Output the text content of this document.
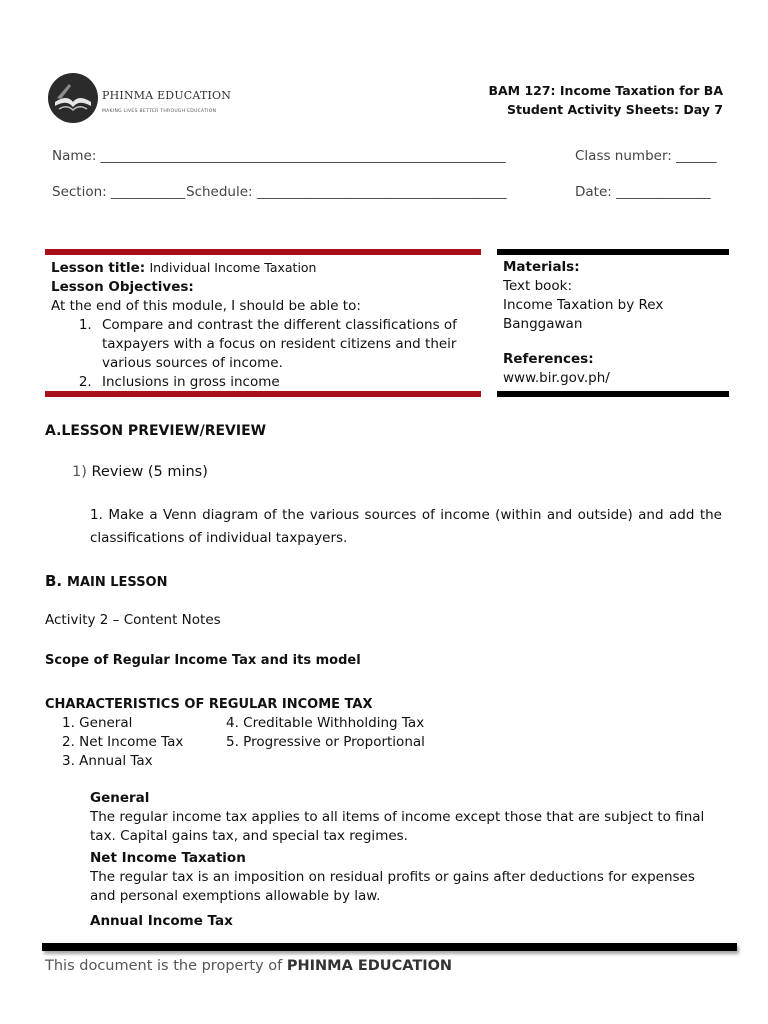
PHINMA EDUCATION
MAKING LIVES BETTER THROUGH EDUCATION
BAM 127: Income Taxation for BA
Student Activity Sheets: Day 7
Name: ____________________________________________________________	Class number: ______
Section: ___________ Schedule: _____________________________________	Date: ______________
Lesson title: Individual Income Taxation
Lesson Objectives:
At the end of this module, I should be able to:
1. Compare and contrast the different classifications of taxpayers with a focus on resident citizens and their various sources of income.
2. Inclusions in gross income
Materials:
Text book:
Income Taxation by Rex Banggawan
References:
www.bir.gov.ph/
A.LESSON PREVIEW/REVIEW
1) Review (5 mins)
1. Make a Venn diagram of the various sources of income (within and outside) and add the classifications of individual taxpayers.
B. MAIN LESSON
Activity 2 – Content Notes
Scope of Regular Income Tax and its model
CHARACTERISTICS OF REGULAR INCOME TAX
1. General
2. Net Income Tax
3. Annual Tax
4. Creditable Withholding Tax
5. Progressive or Proportional
General
The regular income tax applies to all items of income except those that are subject to final tax. Capital gains tax, and special tax regimes.
Net Income Taxation
The regular tax is an imposition on residual profits or gains after deductions for expenses and personal exemptions allowable by law.
Annual Income Tax
This document is the property of PHINMA EDUCATION
